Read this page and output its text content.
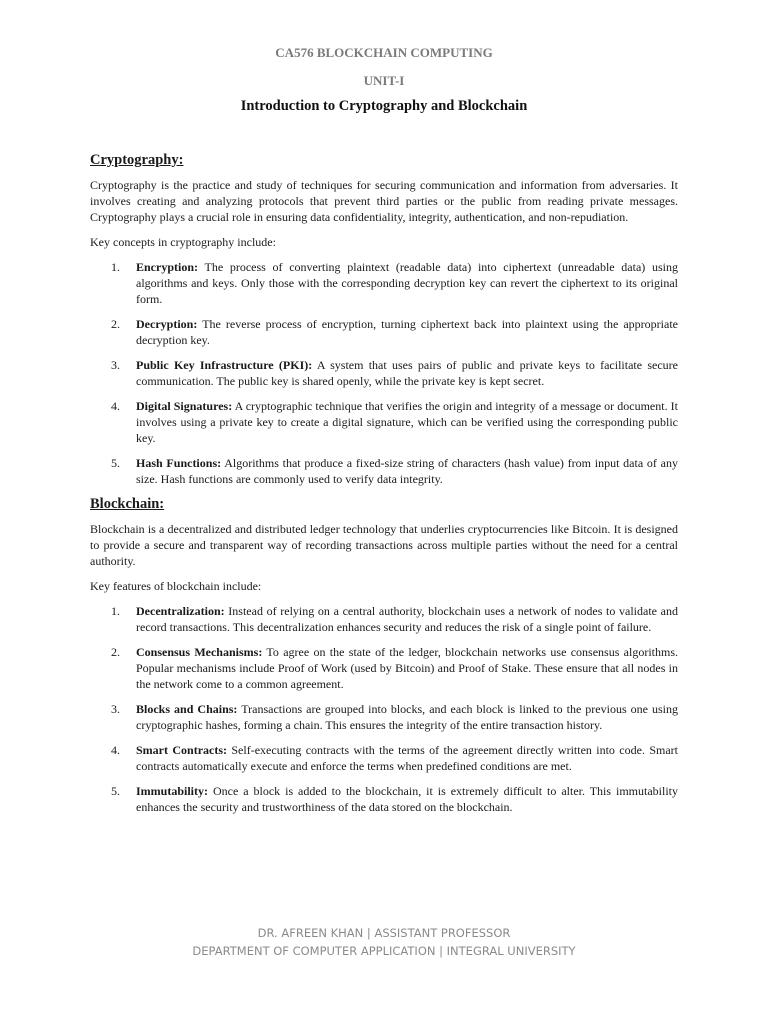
CA576 BLOCKCHAIN COMPUTING
UNIT-I
Introduction to Cryptography and Blockchain
Cryptography:

Cryptography is the practice and study of techniques for securing communication and information from adversaries. It involves creating and analyzing protocols that prevent third parties or the public from reading private messages. Cryptography plays a crucial role in ensuring data confidentiality, integrity, authentication, and non-repudiation.

Key concepts in cryptography include:

1. Encryption: The process of converting plaintext (readable data) into ciphertext (unreadable data) using algorithms and keys. Only those with the corresponding decryption key can revert the ciphertext to its original form.
2. Decryption: The reverse process of encryption, turning ciphertext back into plaintext using the appropriate decryption key.
3. Public Key Infrastructure (PKI): A system that uses pairs of public and private keys to facilitate secure communication. The public key is shared openly, while the private key is kept secret.
4. Digital Signatures: A cryptographic technique that verifies the origin and integrity of a message or document. It involves using a private key to create a digital signature, which can be verified using the corresponding public key.
5. Hash Functions: Algorithms that produce a fixed-size string of characters (hash value) from input data of any size. Hash functions are commonly used to verify data integrity.
Blockchain:

Blockchain is a decentralized and distributed ledger technology that underlies cryptocurrencies like Bitcoin. It is designed to provide a secure and transparent way of recording transactions across multiple parties without the need for a central authority.

Key features of blockchain include:

1. Decentralization: Instead of relying on a central authority, blockchain uses a network of nodes to validate and record transactions. This decentralization enhances security and reduces the risk of a single point of failure.
2. Consensus Mechanisms: To agree on the state of the ledger, blockchain networks use consensus algorithms. Popular mechanisms include Proof of Work (used by Bitcoin) and Proof of Stake. These ensure that all nodes in the network come to a common agreement.
3. Blocks and Chains: Transactions are grouped into blocks, and each block is linked to the previous one using cryptographic hashes, forming a chain. This ensures the integrity of the entire transaction history.
4. Smart Contracts: Self-executing contracts with the terms of the agreement directly written into code. Smart contracts automatically execute and enforce the terms when predefined conditions are met.
5. Immutability: Once a block is added to the blockchain, it is extremely difficult to alter. This immutability enhances the security and trustworthiness of the data stored on the blockchain.
DR. AFREEN KHAN | ASSISTANT PROFESSOR
DEPARTMENT OF COMPUTER APPLICATION | INTEGRAL UNIVERSITY
